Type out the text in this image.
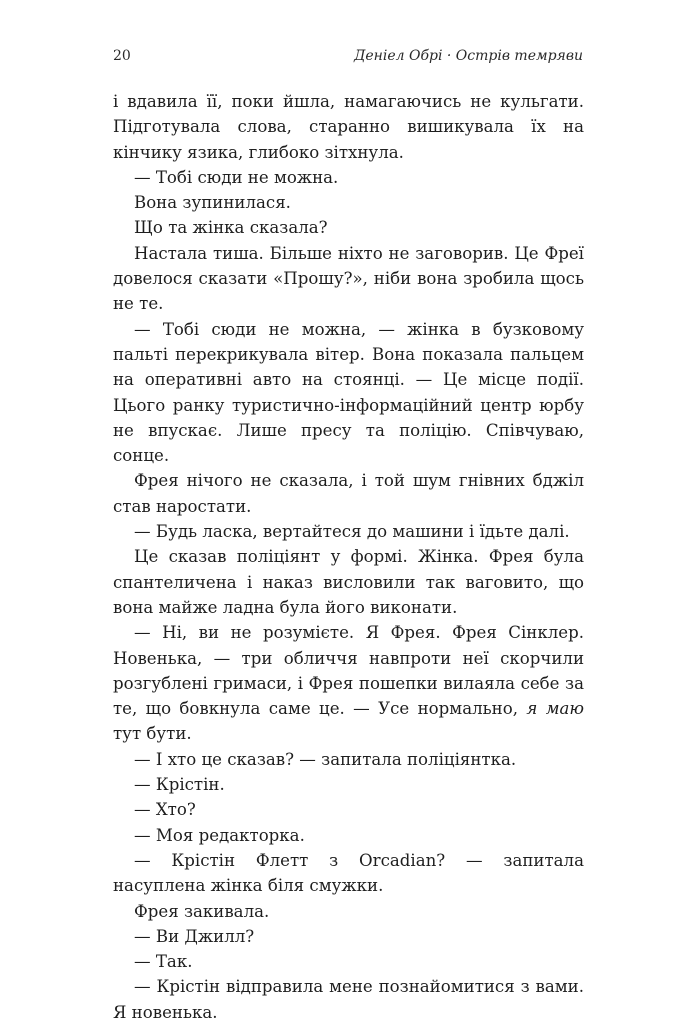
20	Деніел Обрі · Острів темряви

і вдавила її, поки йшла, намагаючись не кульгати. Підготувала слова, старанно вишикувала їх на кінчику язика, глибоко зітхнула.

— Тобі сюди не можна.

Вона зупинилася.

Що та жінка сказала?

Настала тиша. Більше ніхто не заговорив. Це Фреї довелося сказати «Прошу?», ніби вона зробила щось не те.

— Тобі сюди не можна, — жінка в бузковому пальті перекрикувала вітер. Вона показала пальцем на оперативні авто на стоянці. — Це місце події. Цього ранку туристично-інформаційний центр юрбу не впускає. Лише пресу та поліцію. Співчуваю, сонце.

Фрея нічого не сказала, і той шум гнівних бджіл став наростати.

— Будь ласка, вертайтеся до машини і їдьте далі.

Це сказав поліціянт у формі. Жінка. Фрея була спантеличена і наказ висловили так ваговито, що вона майже ладна була його виконати.

— Ні, ви не розумієте. Я Фрея. Фрея Сінклер. Новенька, — три обличчя навпроти неї скорчили розгублені гримаси, і Фрея пошепки вилаяла себе за те, що бовкнула саме це. — Усе нормально, я маю тут бути.

— І хто це сказав? — запитала поліціянтка.

— Крістін.

— Хто?

— Моя редакторка.

— Крістін Флетт з Orcadian? — запитала насуплена жінка біля смужки.

Фрея закивала.

— Ви Джилл?

— Так.

— Крістін відправила мене познайомитися з вами. Я новенька.
